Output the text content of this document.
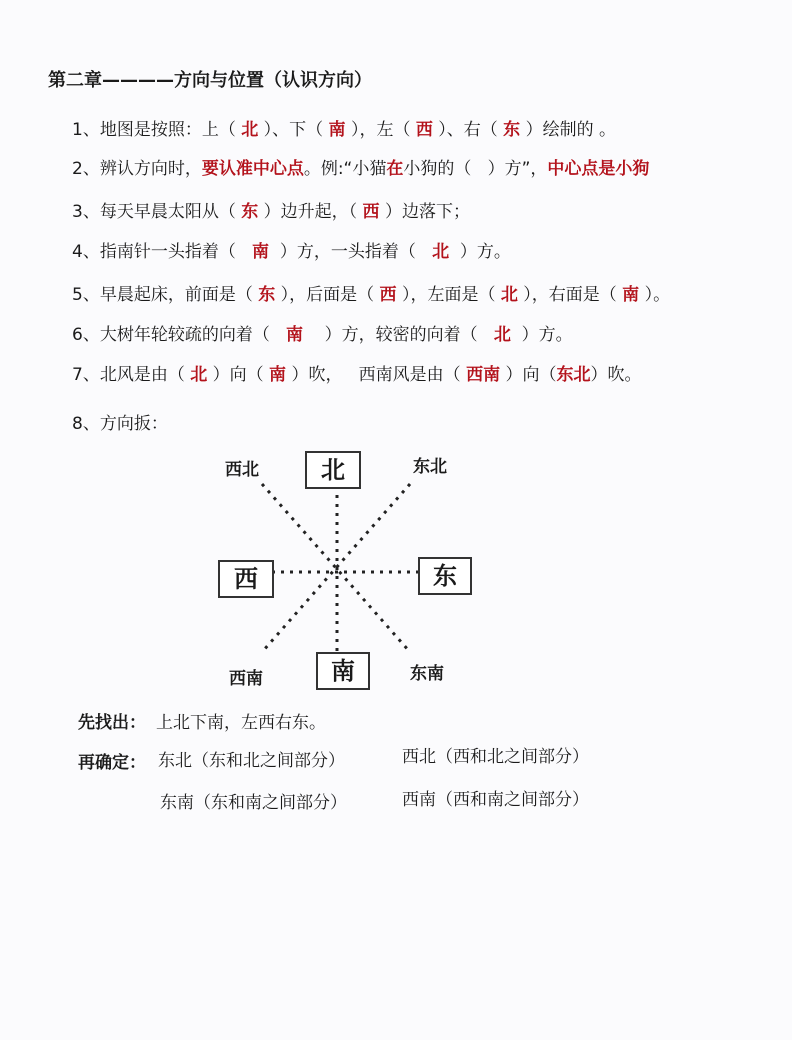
第二章————方向与位置（认识方向）
1、地图是按照：上（ 北 ）、下（ 南 ），左（ 西 ）、右（ 东 ）绘制的 。
2、辨认方向时，要认准中心点。例:“小猫在小狗的（   ）方”，中心点是小狗
3、每天早晨太阳从（ 东 ）边升起，（ 西 ）边落下；
4、指南针一头指着（   南  ）方，一头指着（   北  ）方。
5、早晨起床，前面是（ 东 ），后面是（ 西 ），左面是（ 北 ），右面是（ 南 ）。
6、大树年轮较疏的向着（   南    ）方，较密的向着（   北  ）方。
7、北风是由（ 北 ）向（ 南 ）吹，   西南风是由（ 西南 ）向（东北）吹。
8、方向扳：
北
南
西	东
西北	东北
西南	东南
先找出： 上北下南，左西右东。
再确定： 东北（东和北之间部分）	西北（西和北之间部分）
东南（东和南之间部分）	西南（西和南之间部分）
